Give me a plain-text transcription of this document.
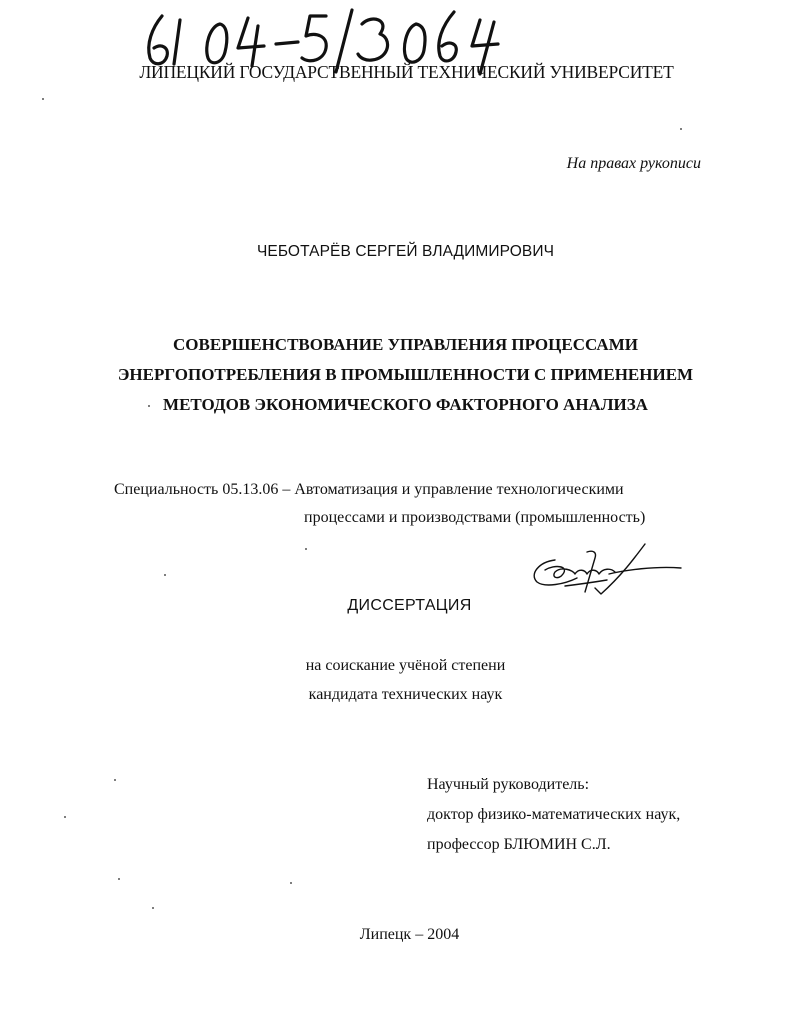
ЛИПЕЦКИЙ ГОСУДАРСТВЕННЫЙ ТЕХНИЧЕСКИЙ УНИВЕРСИТЕТ
На правах рукописи
ЧЕБОТАРЁВ СЕРГЕЙ ВЛАДИМИРОВИЧ
СОВЕРШЕНСТВОВАНИЕ УПРАВЛЕНИЯ ПРОЦЕССАМИ
ЭНЕРГОПОТРЕБЛЕНИЯ В ПРОМЫШЛЕННОСТИ С ПРИМЕНЕНИЕМ
МЕТОДОВ ЭКОНОМИЧЕСКОГО ФАКТОРНОГО АНАЛИЗА
Специальность 05.13.06 – Автоматизация и управление технологическими
процессами и производствами (промышленность)
ДИССЕРТАЦИЯ
на соискание учёной степени
кандидата технических наук
Научный руководитель:
доктор физико-математических наук,
профессор БЛЮМИН С.Л.
Липецк – 2004
